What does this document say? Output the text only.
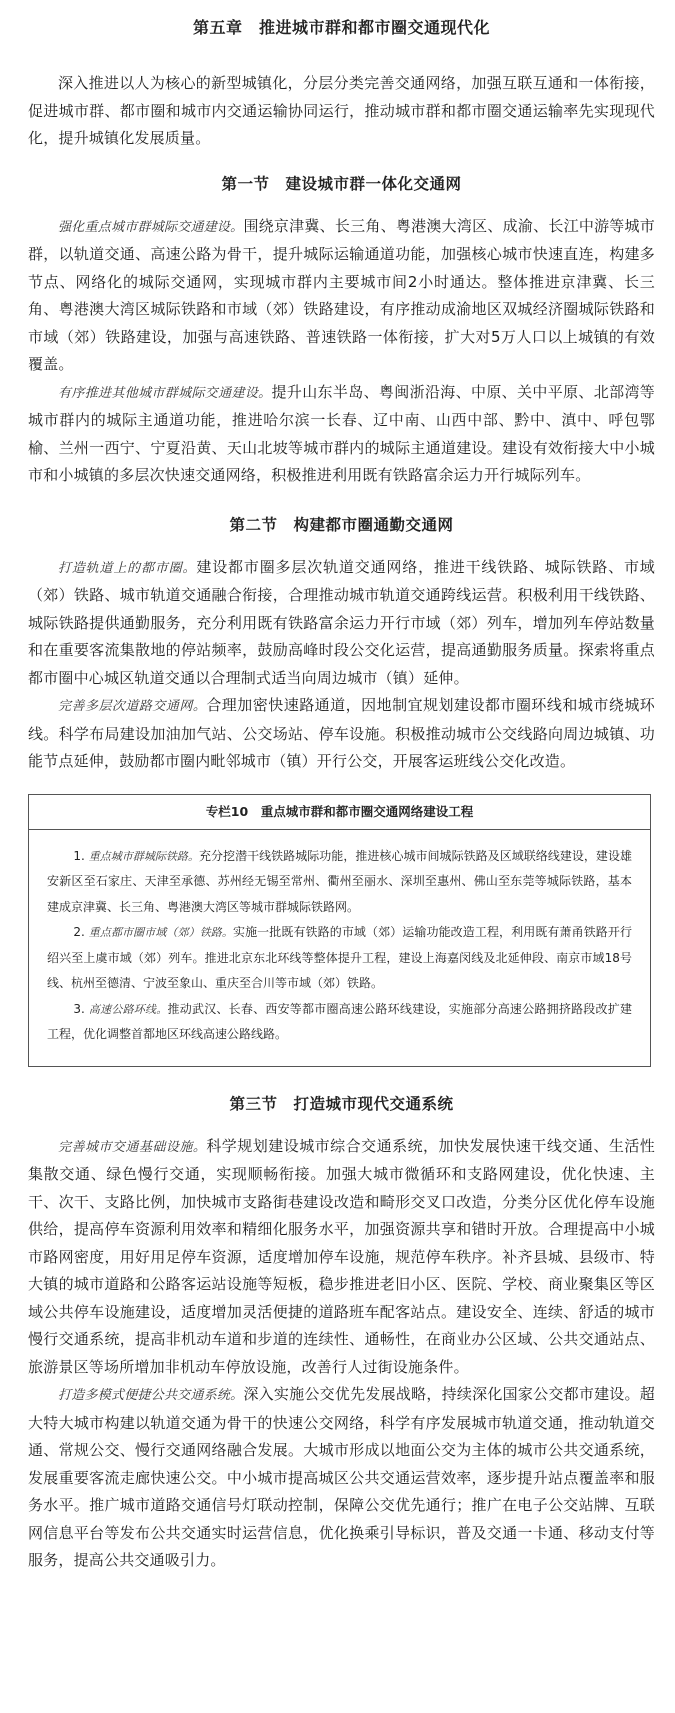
第五章　推进城市群和都市圈交通现代化

深入推进以人为核心的新型城镇化，分层分类完善交通网络，加强互联互通和一体衔接，促进城市群、都市圈和城市内交通运输协同运行，推动城市群和都市圈交通运输率先实现现代化，提升城镇化发展质量。

第一节　建设城市群一体化交通网

强化重点城市群城际交通建设。围绕京津冀、长三角、粤港澳大湾区、成渝、长江中游等城市群，以轨道交通、高速公路为骨干，提升城际运输通道功能，加强核心城市快速直连，构建多节点、网络化的城际交通网，实现城市群内主要城市间2小时通达。整体推进京津冀、长三角、粤港澳大湾区城际铁路和市域（郊）铁路建设，有序推动成渝地区双城经济圈城际铁路和市域（郊）铁路建设，加强与高速铁路、普速铁路一体衔接，扩大对5万人口以上城镇的有效覆盖。

有序推进其他城市群城际交通建设。提升山东半岛、粤闽浙沿海、中原、关中平原、北部湾等城市群内的城际主通道功能，推进哈尔滨一长春、辽中南、山西中部、黔中、滇中、呼包鄂榆、兰州一西宁、宁夏沿黄、天山北坡等城市群内的城际主通道建设。建设有效衔接大中小城市和小城镇的多层次快速交通网络，积极推进利用既有铁路富余运力开行城际列车。

第二节　构建都市圈通勤交通网

打造轨道上的都市圈。建设都市圈多层次轨道交通网络，推进干线铁路、城际铁路、市域（郊）铁路、城市轨道交通融合衔接，合理推动城市轨道交通跨线运营。积极利用干线铁路、城际铁路提供通勤服务，充分利用既有铁路富余运力开行市域（郊）列车，增加列车停站数量和在重要客流集散地的停站频率，鼓励高峰时段公交化运营，提高通勤服务质量。探索将重点都市圈中心城区轨道交通以合理制式适当向周边城市（镇）延伸。

完善多层次道路交通网。合理加密快速路通道，因地制宜规划建设都市圈环线和城市绕城环线。科学布局建设加油加气站、公交场站、停车设施。积极推动城市公交线路向周边城镇、功能节点延伸，鼓励都市圈内毗邻城市（镇）开行公交，开展客运班线公交化改造。

专栏10　重点城市群和都市圈交通网络建设工程

1. 重点城市群城际铁路。充分挖潜干线铁路城际功能，推进核心城市间城际铁路及区域联络线建设，建设雄安新区至石家庄、天津至承德、苏州经无锡至常州、衢州至丽水、深圳至惠州、佛山至东莞等城际铁路，基本建成京津冀、长三角、粤港澳大湾区等城市群城际铁路网。

2. 重点都市圈市域（郊）铁路。实施一批既有铁路的市域（郊）运输功能改造工程，利用既有萧甬铁路开行绍兴至上虞市域（郊）列车。推进北京东北环线等整体提升工程，建设上海嘉闵线及北延伸段、南京市域18号线、杭州至德清、宁波至象山、重庆至合川等市域（郊）铁路。

3. 高速公路环线。推动武汉、长春、西安等都市圈高速公路环线建设，实施部分高速公路拥挤路段改扩建工程，优化调整首都地区环线高速公路线路。

第三节　打造城市现代交通系统

完善城市交通基础设施。科学规划建设城市综合交通系统，加快发展快速干线交通、生活性集散交通、绿色慢行交通，实现顺畅衔接。加强大城市微循环和支路网建设，优化快速、主干、次干、支路比例，加快城市支路街巷建设改造和畸形交叉口改造，分类分区优化停车设施供给，提高停车资源利用效率和精细化服务水平，加强资源共享和错时开放。合理提高中小城市路网密度，用好用足停车资源，适度增加停车设施，规范停车秩序。补齐县城、县级市、特大镇的城市道路和公路客运站设施等短板，稳步推进老旧小区、医院、学校、商业聚集区等区域公共停车设施建设，适度增加灵活便捷的道路班车配客站点。建设安全、连续、舒适的城市慢行交通系统，提高非机动车道和步道的连续性、通畅性，在商业办公区域、公共交通站点、旅游景区等场所增加非机动车停放设施，改善行人过街设施条件。

打造多模式便捷公共交通系统。深入实施公交优先发展战略，持续深化国家公交都市建设。超大特大城市构建以轨道交通为骨干的快速公交网络，科学有序发展城市轨道交通，推动轨道交通、常规公交、慢行交通网络融合发展。大城市形成以地面公交为主体的城市公共交通系统，发展重要客流走廊快速公交。中小城市提高城区公共交通运营效率，逐步提升站点覆盖率和服务水平。推广城市道路交通信号灯联动控制，保障公交优先通行；推广在电子公交站牌、互联网信息平台等发布公共交通实时运营信息，优化换乘引导标识，普及交通一卡通、移动支付等服务，提高公共交通吸引力。
